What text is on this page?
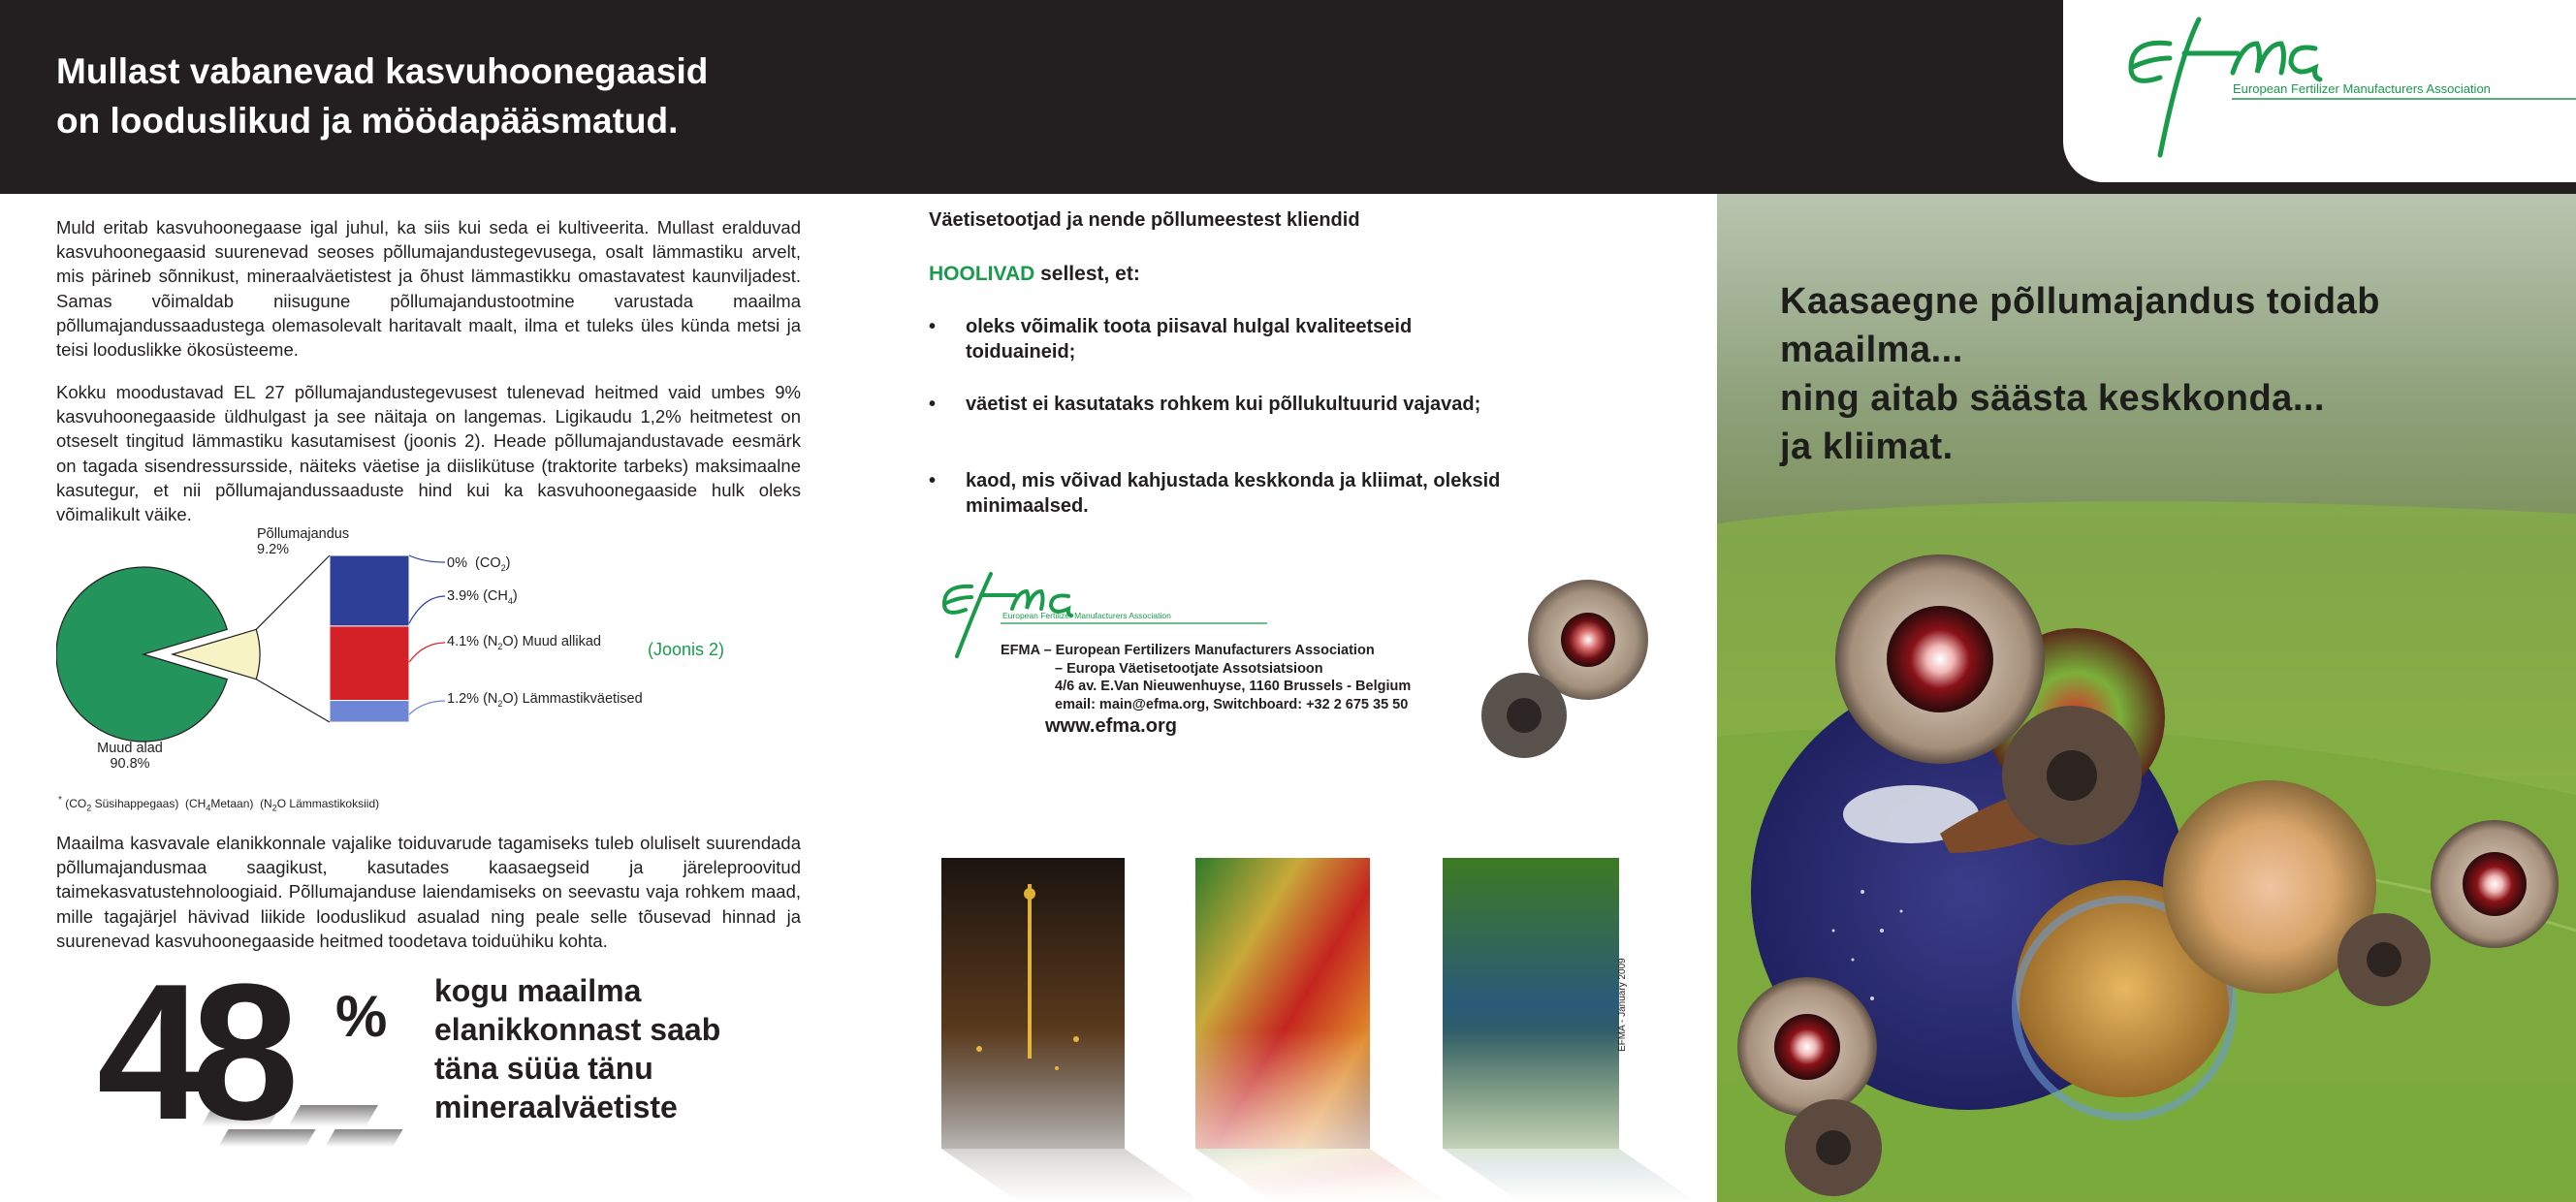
Mullast vabanevad kasvuhoonegaasid
on looduslikud ja möödapääsmatud.
European Fertilizer Manufacturers Association
Muld eritab kasvuhoonegaase igal juhul, ka siis kui seda ei kultiveerita. Mullast eralduvad kasvuhoonegaasid suurenevad seoses põllumajandustegevusega, osalt lämmastiku arvelt, mis pärineb sõnnikust, mineraalväetistest ja õhust lämmastikku omastavatest kaunviljadest. Samas võimaldab niisugune põllumajandustootmine varustada maailma põllumajandussaadustega olemasolevalt haritavalt maalt, ilma et tuleks üles künda metsi ja teisi looduslikke ökosüsteeme.
Kokku moodustavad EL 27 põllumajandustegevusest tulenevad heitmed vaid umbes 9% kasvuhoonegaaside üldhulgast ja see näitaja on langemas. Ligikaudu 1,2% heitmetest on otseselt tingitud lämmastiku kasutamisest (joonis 2). Heade põllumajandustavade eesmärk on tagada sisendressursside, näiteks väetise ja diislikütuse (traktorite tarbeks) maksimaalne kasutegur, et nii põllumajandussaaduste hind kui ka kasvuhoonegaaside hulk oleks võimalikult väike.
Põllumajandus
9.2%
Muud alad
90.8%
0%  $(CO_2)$
3.9% $(CH_4)$
4.1% $(N_2O)$ Muud allikad
1.2% $(N_2O)$ Lämmastikväetised
(Joonis 2)
* ($CO_2$ Süsihappegaas) $(CH_4Metaan)$ ($N_2O$ Lämmastikoksiid)
Maailma kasvavale elanikkonnale vajalike toiduvarude tagamiseks tuleb oluliselt suurendada põllumajandusmaa saagikust, kasutades kaasaegseid ja järeleproovitud taimekasvatustehnoloogiaid. Põllumajanduse laiendamiseks on seevastu vaja rohkem maad, mille tagajärjel hävivad liikide looduslikud asualad ning peale selle tõusevad hinnad ja suurenevad kasvuhoonegaaside heitmed toodetava toiduühiku kohta.
48 % kogu maailma elanikkonnast saab täna süüa tänu mineraalväetiste
Väetisetootjad ja nende põllumeestest kliendid
HOOLIVAD sellest, et:
• oleks võimalik toota piisaval hulgal kvaliteetseid toiduaineid;
• väetist ei kasutataks rohkem kui põllukultuurid vajavad;
• kaod, mis võivad kahjustada keskkonda ja kliimat, oleksid minimaalsed.
European Fertilizer Manufacturers Association
EFMA – European Fertilizers Manufacturers Association
– Europa Väetisetootjate Assotsiatsioon
4/6 av. E.Van Nieuwenhuyse, 1160 Brussels - Belgium
email: main@efma.org, Switchboard: +32 2 675 35 50
www.efma.org
EFMA - January 2009
Kaasaegne põllumajandus toidab
maailma...
ning aitab säästa keskkonda...
ja kliimat.
